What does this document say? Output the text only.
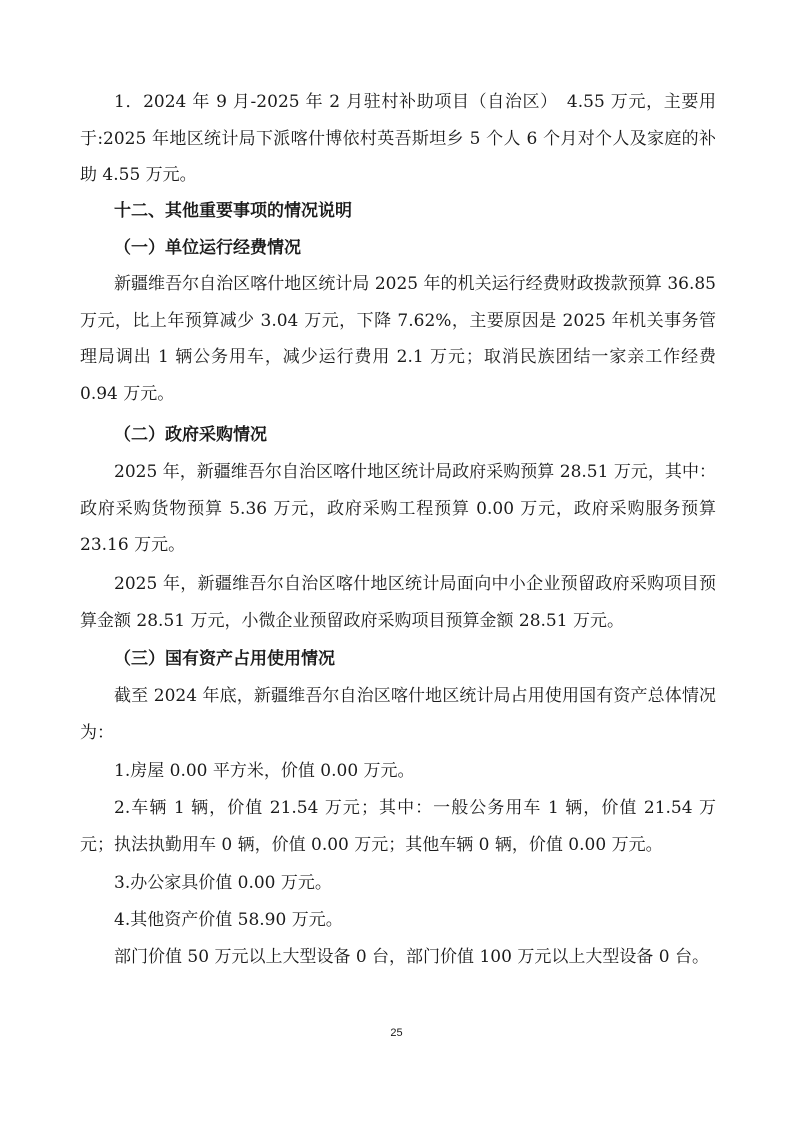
1．2024 年 9 月-2025 年 2 月驻村补助项目（自治区）　4.55 万元，主要用于:2025 年地区统计局下派喀什博依村英吾斯坦乡 5 个人 6 个月对个人及家庭的补助 4.55 万元。

十二、其他重要事项的情况说明

（一）单位运行经费情况

新疆维吾尔自治区喀什地区统计局 2025 年的机关运行经费财政拨款预算 36.85 万元，比上年预算减少 3.04 万元，下降 7.62%，主要原因是 2025 年机关事务管理局调出 1 辆公务用车，减少运行费用 2.1 万元；取消民族团结一家亲工作经费 0.94 万元。

（二）政府采购情况

2025 年，新疆维吾尔自治区喀什地区统计局政府采购预算 28.51 万元，其中：政府采购货物预算 5.36 万元，政府采购工程预算 0.00 万元，政府采购服务预算 23.16 万元。

2025 年，新疆维吾尔自治区喀什地区统计局面向中小企业预留政府采购项目预算金额 28.51 万元，小微企业预留政府采购项目预算金额 28.51 万元。

（三）国有资产占用使用情况

截至 2024 年底，新疆维吾尔自治区喀什地区统计局占用使用国有资产总体情况为：

1.房屋 0.00 平方米，价值 0.00 万元。

2.车辆 1 辆，价值 21.54 万元；其中：一般公务用车 1 辆，价值 21.54 万元；执法执勤用车 0 辆，价值 0.00 万元；其他车辆 0 辆，价值 0.00 万元。

3.办公家具价值 0.00 万元。

4.其他资产价值 58.90 万元。

部门价值 50 万元以上大型设备 0 台，部门价值 100 万元以上大型设备 0 台。

25
